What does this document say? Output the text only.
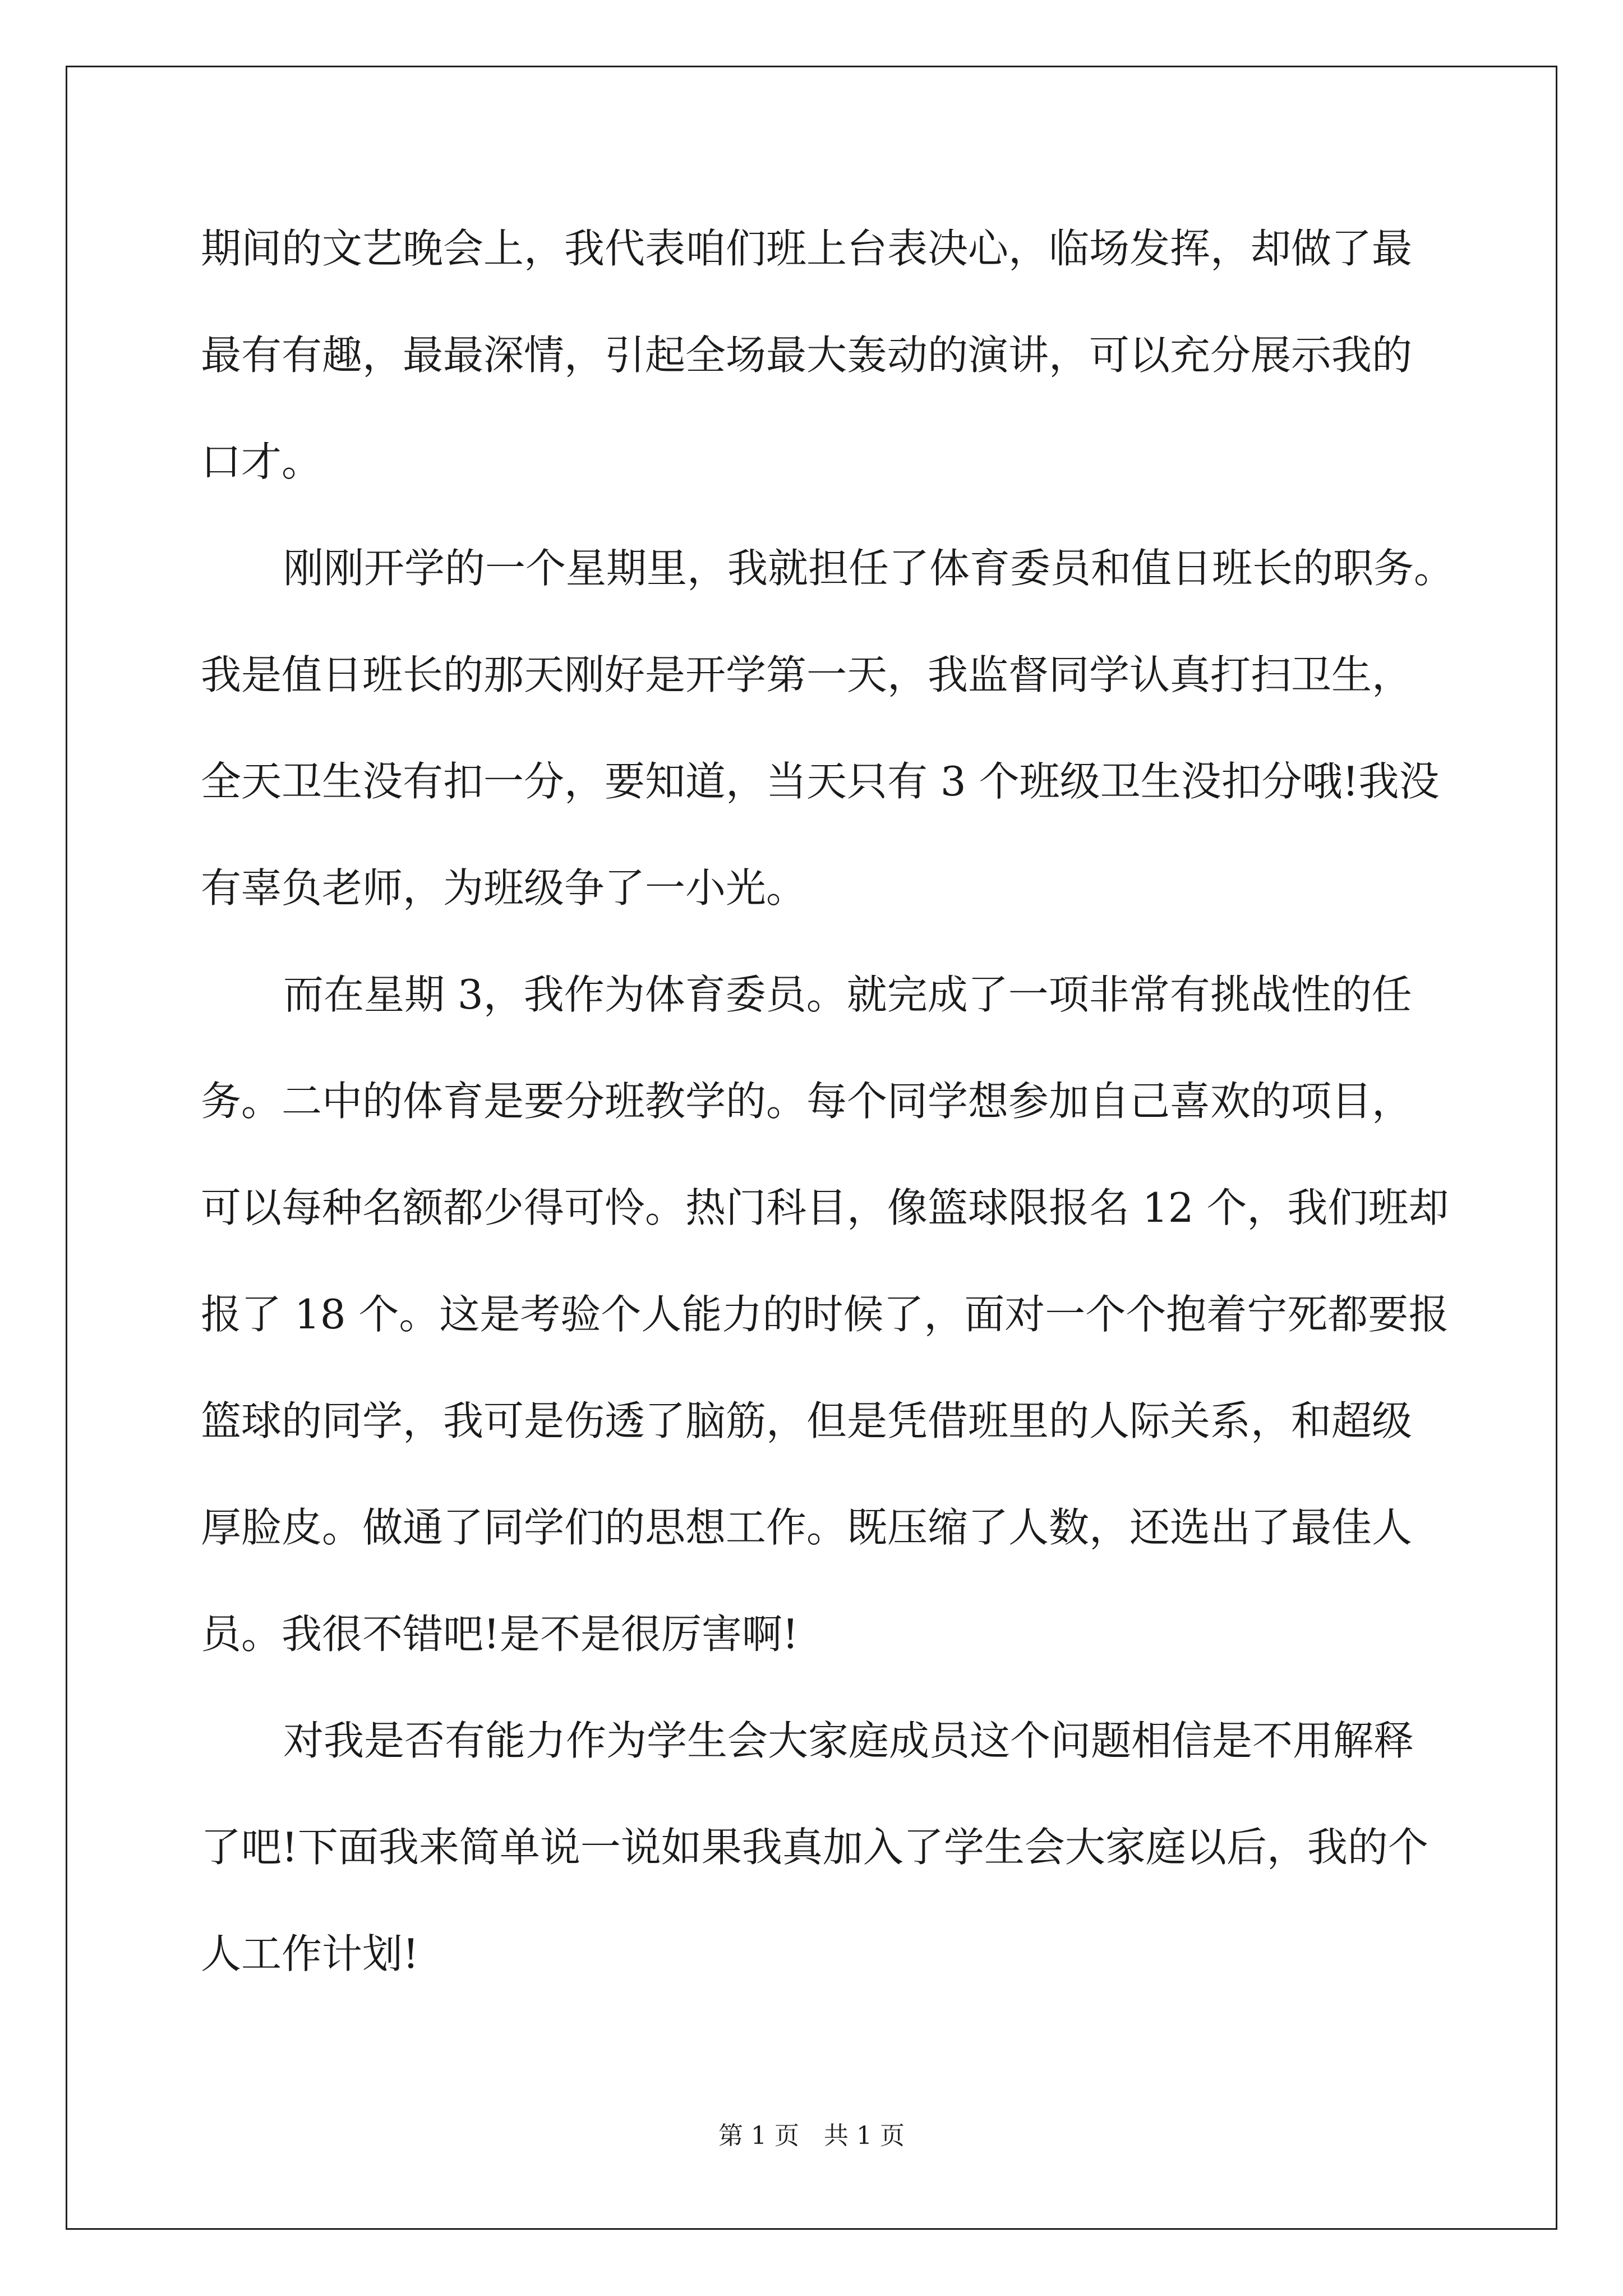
期间的文艺晚会上，我代表咱们班上台表决心，临场发挥，却做了最

最有有趣，最最深情，引起全场最大轰动的演讲，可以充分展示我的

口才。

刚刚开学的一个星期里，我就担任了体育委员和值日班长的职务。

我是值日班长的那天刚好是开学第一天，我监督同学认真打扫卫生，

全天卫生没有扣一分，要知道，当天只有 3 个班级卫生没扣分哦!我没

有辜负老师，为班级争了一小光。

而在星期 3，我作为体育委员。就完成了一项非常有挑战性的任

务。二中的体育是要分班教学的。每个同学想参加自己喜欢的项目，

可以每种名额都少得可怜。热门科目，像篮球限报名 12 个，我们班却

报了 18 个。这是考验个人能力的时候了，面对一个个抱着宁死都要报

篮球的同学，我可是伤透了脑筋，但是凭借班里的人际关系，和超级

厚脸皮。做通了同学们的思想工作。既压缩了人数，还选出了最佳人

员。我很不错吧!是不是很厉害啊!

对我是否有能力作为学生会大家庭成员这个问题相信是不用解释

了吧!下面我来简单说一说如果我真加入了学生会大家庭以后，我的个

人工作计划!

第 1 页　共 1 页
